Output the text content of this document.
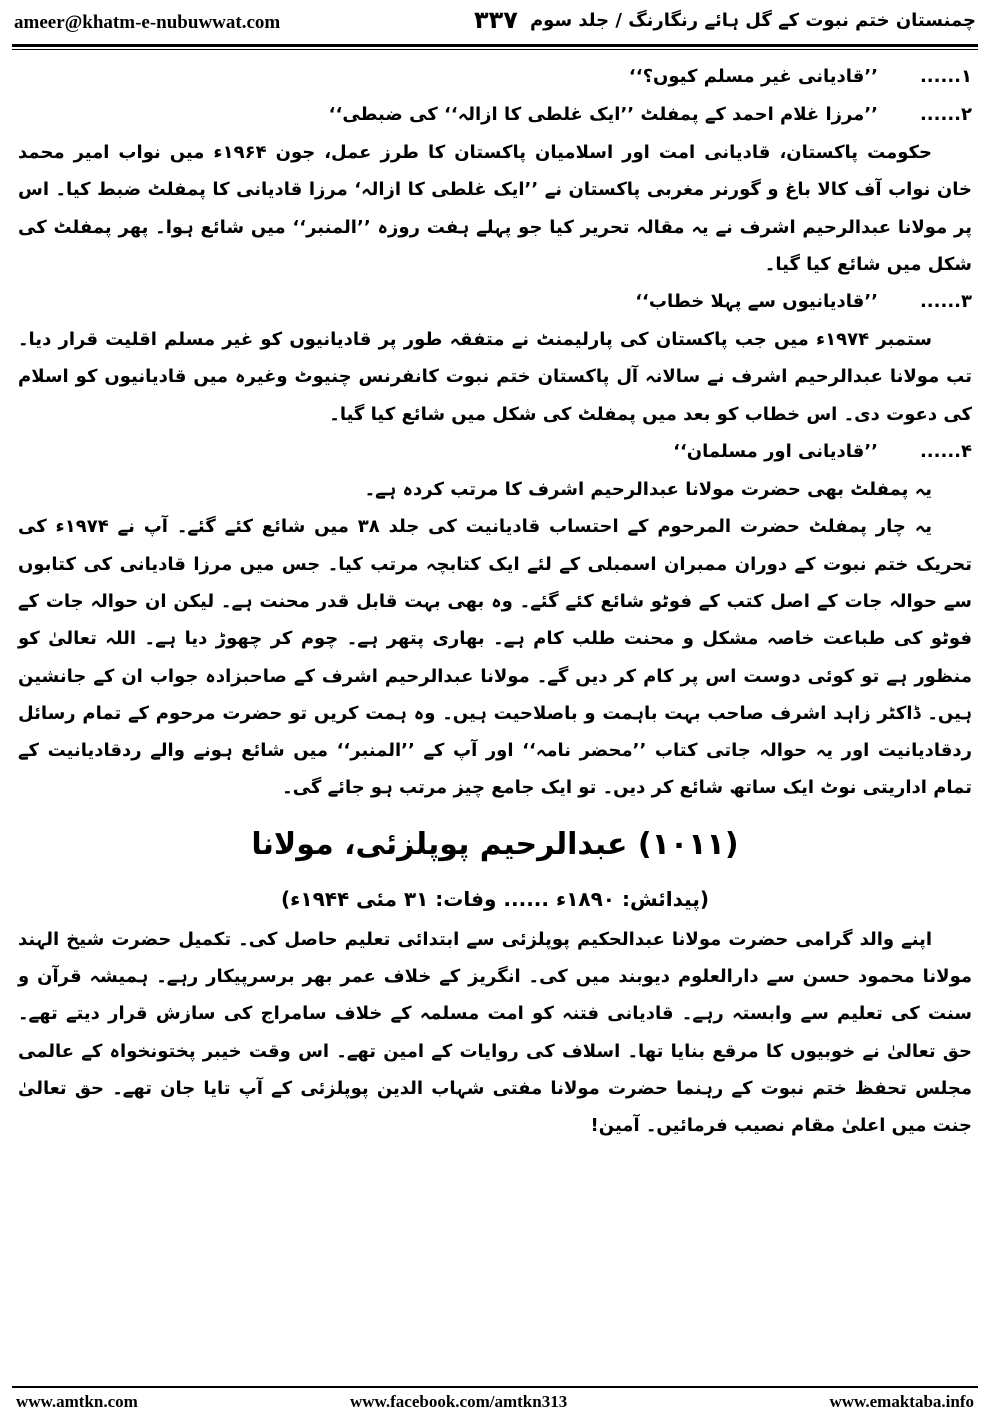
ameer@khatm-e-nubuwwat.com	۳۳۷ چمنستان ختم نبوت کے گل ہائے رنگارنگ / جلد سوم
۱......’’قادیانی غیر مسلم کیوں؟‘‘
۲......’’مرزا غلام احمد کے پمفلٹ ’’ایک غلطی کا ازالہ‘‘ کی ضبطی‘‘

حکومت پاکستان، قادیانی امت اور اسلامیان پاکستان کا طرز عمل، جون ۱۹۶۴ء میں نواب امیر محمد خان نواب آف کالا باغ و گورنر مغربی پاکستان نے ’’ایک غلطی کا ازالہ‘ مرزا قادیانی کا پمفلٹ ضبط کیا۔ اس پر مولانا عبدالرحیم اشرف نے یہ مقالہ تحریر کیا جو پہلے ہفت روزہ ’’المنبر‘‘ میں شائع ہوا۔ پھر پمفلٹ کی شکل میں شائع کیا گیا۔

۳......’’قادیانیوں سے پہلا خطاب‘‘

ستمبر ۱۹۷۴ء میں جب پاکستان کی پارلیمنٹ نے متفقہ طور پر قادیانیوں کو غیر مسلم اقلیت قرار دیا۔ تب مولانا عبدالرحیم اشرف نے سالانہ آل پاکستان ختم نبوت کانفرنس چنیوٹ وغیرہ میں قادیانیوں کو اسلام کی دعوت دی۔ اس خطاب کو بعد میں پمفلٹ کی شکل میں شائع کیا گیا۔

۴......’’قادیانی اور مسلمان‘‘

یہ پمفلٹ بھی حضرت مولانا عبدالرحیم اشرف کا مرتب کردہ ہے۔

یہ چار پمفلٹ حضرت المرحوم کے احتساب قادیانیت کی جلد ۳۸ میں شائع کئے گئے۔ آپ نے ۱۹۷۴ء کی تحریک ختم نبوت کے دوران ممبران اسمبلی کے لئے ایک کتابچہ مرتب کیا۔ جس میں مرزا قادیانی کی کتابوں سے حوالہ جات کے اصل کتب کے فوٹو شائع کئے گئے۔ وہ بھی بہت قابل قدر محنت ہے۔ لیکن ان حوالہ جات کے فوٹو کی طباعت خاصہ مشکل و محنت طلب کام ہے۔ بھاری پتھر ہے۔ چوم کر چھوڑ دیا ہے۔ اللہ تعالیٰ کو منظور ہے تو کوئی دوست اس پر کام کر دیں گے۔ مولانا عبدالرحیم اشرف کے صاحبزادہ جواب ان کے جانشین ہیں۔ ڈاکٹر زاہد اشرف صاحب بہت باہمت و باصلاحیت ہیں۔ وہ ہمت کریں تو حضرت مرحوم کے تمام رسائل ردقادیانیت اور یہ حوالہ جاتی کتاب ’’محضر نامہ‘‘ اور آپ کے ’’المنبر‘‘ میں شائع ہونے والے ردقادیانیت کے تمام اداریتی نوٹ ایک ساتھ شائع کر دیں۔ تو ایک جامع چیز مرتب ہو جائے گی۔

(۱۰۱۱) عبدالرحیم پوپلزئی، مولانا
(پیدائش: ۱۸۹۰ء ...... وفات: ۳۱ مئی ۱۹۴۴ء)

اپنے والد گرامی حضرت مولانا عبدالحکیم پوپلزئی سے ابتدائی تعلیم حاصل کی۔ تکمیل حضرت شیخ الہند مولانا محمود حسن سے دارالعلوم دیوبند میں کی۔ انگریز کے خلاف عمر بھر برسرپیکار رہے۔ ہمیشہ قرآن و سنت کی تعلیم سے وابستہ رہے۔ قادیانی فتنہ کو امت مسلمہ کے خلاف سامراج کی سازش قرار دیتے تھے۔ حق تعالیٰ نے خوبیوں کا مرقع بنایا تھا۔ اسلاف کی روایات کے امین تھے۔ اس وقت خیبر پختونخواہ کے عالمی مجلس تحفظ ختم نبوت کے رہنما حضرت مولانا مفتی شہاب الدین پوپلزئی کے آپ تایا جان تھے۔ حق تعالیٰ جنت میں اعلیٰ مقام نصیب فرمائیں۔ آمین!

www.amtkn.com	www.facebook.com/amtkn313	www.emaktaba.info
